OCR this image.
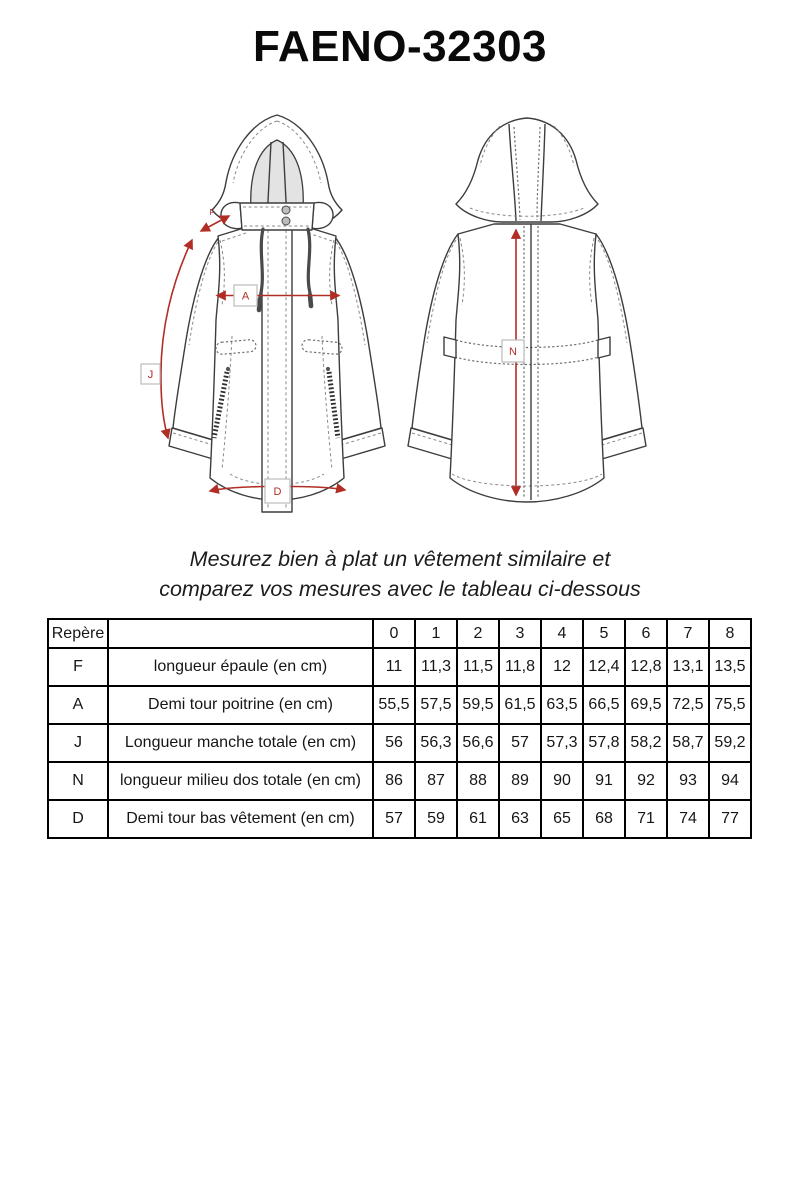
FAENO-32303
F
A
J
D
N
Mesurez bien à plat un vêtement similaire et
comparez vos mesures avec le tableau ci-dessous
Repère		0	1	2	3	4	5	6	7	8
F	longueur épaule (en cm)	11	11,3	11,5	11,8	12	12,4	12,8	13,1	13,5
A	Demi tour poitrine (en cm)	55,5	57,5	59,5	61,5	63,5	66,5	69,5	72,5	75,5
J	Longueur manche totale (en cm)	56	56,3	56,6	57	57,3	57,8	58,2	58,7	59,2
N	longueur milieu dos totale (en cm)	86	87	88	89	90	91	92	93	94
D	Demi tour bas vêtement (en cm)	57	59	61	63	65	68	71	74	77
